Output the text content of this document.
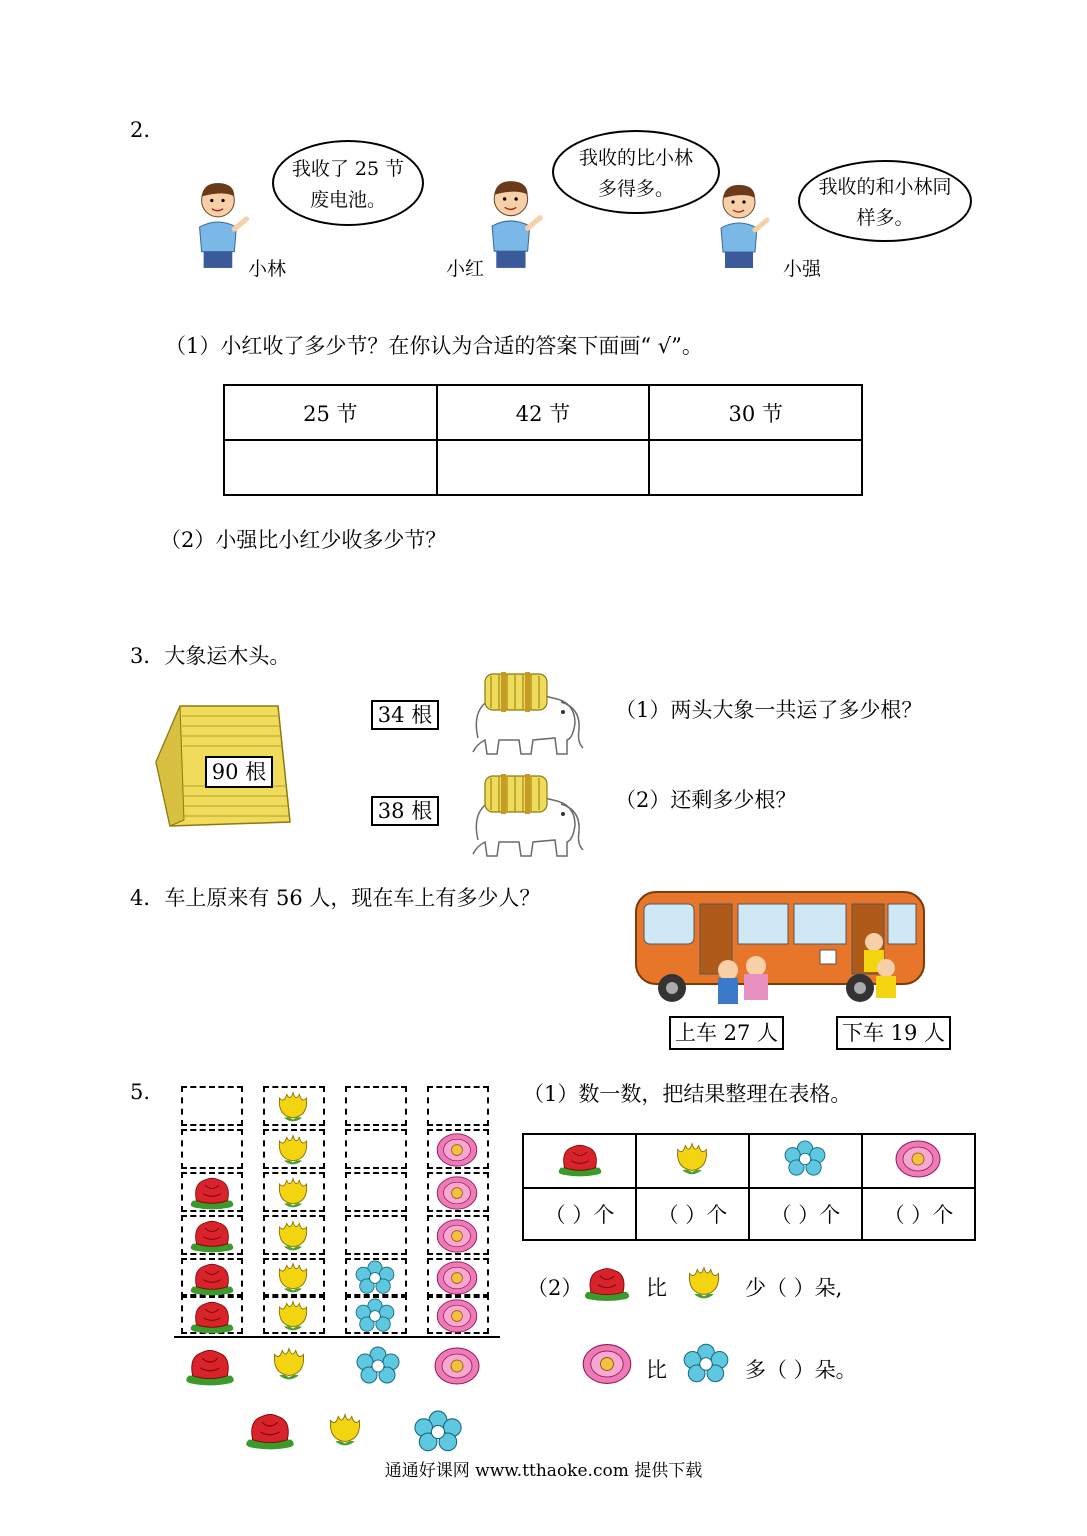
2.
我收了 25 节废电池。
小林
我收的比小林多得多。
小红
我收的和小林同样多。
小强
（1）小红收了多少节？在你认为合适的答案下面画“ √”。
25 节	42 节	30 节

（2）小强比小红少收多少节？
3．大象运木头。
90 根
34 根
38 根
（1）两头大象一共运了多少根？
（2）还剩多少根？
4．车上原来有 56 人，现在车上有多少人？
上车 27 人	下车 19 人
5.	（1）数一数，把结果整理在表格。

（ ）个	（ ）个	（ ）个	（ ）个
（2）	比	少（ ）朵,
比	多（ ）朵。
通通好课网 www.tthaoke.com 提供下载
